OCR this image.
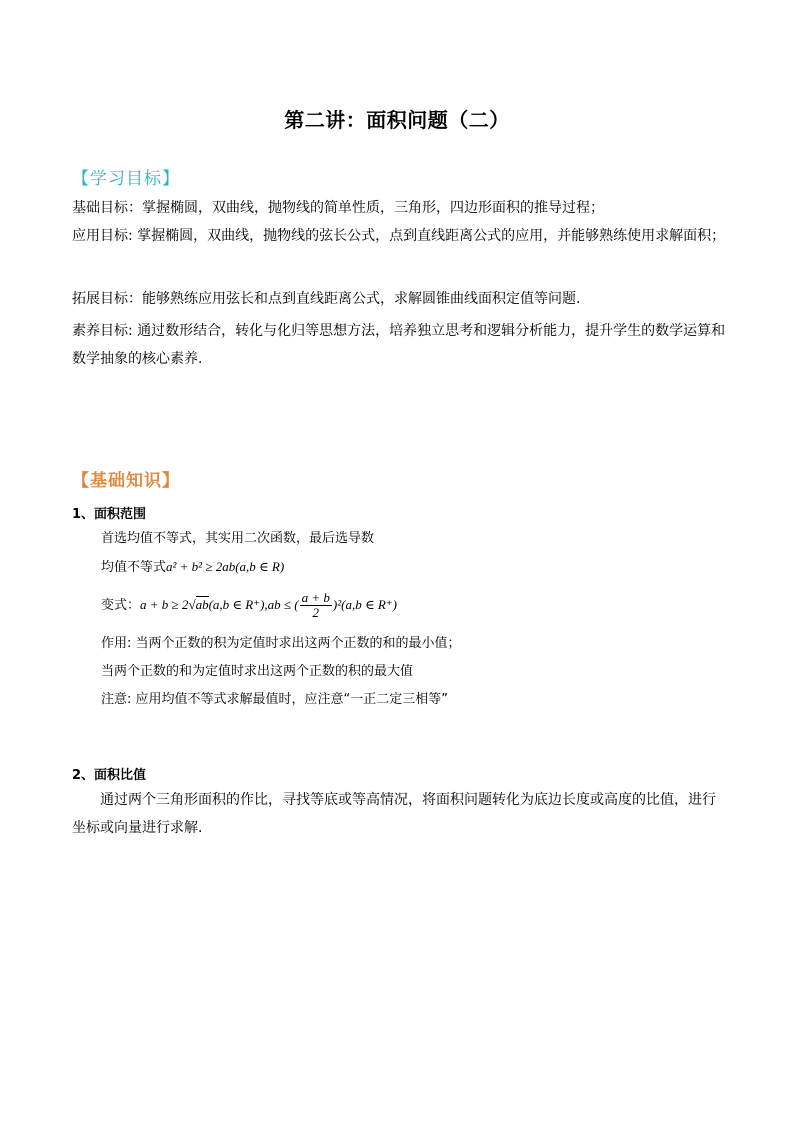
第二讲：面积问题（二）
【学习目标】

基础目标：掌握椭圆，双曲线，抛物线的简单性质，三角形，四边形面积的推导过程；

应用目标: 掌握椭圆，双曲线，抛物线的弦长公式，点到直线距离公式的应用，并能够熟练使用求解面积；

拓展目标：能够熟练应用弦长和点到直线距离公式，求解圆锥曲线面积定值等问题.

素养目标: 通过数形结合，转化与化归等思想方法，培养独立思考和逻辑分析能力，提升学生的数学运算和数学抽象的核心素养.

【基础知识】
1、面积范围
首选均值不等式，其实用二次函数，最后选导数
均值不等式a² + b² ≥ 2ab(a,b ∈ R)
变式：a + b ≥ 2√ab(a,b ∈ R⁺),ab ≤ ( $\frac{a + b}{2} )^2(a,b$ ∈ R⁺)
作用: 当两个正数的积为定值时求出这两个正数的和的最小值；
当两个正数的和为定值时求出这两个正数的积的最大值
注意: 应用均值不等式求解最值时，应注意“一正二定三相等”
2、面积比值

通过两个三角形面积的作比，寻找等底或等高情况，将面积问题转化为底边长度或高度的比值，进行坐标或向量进行求解.
